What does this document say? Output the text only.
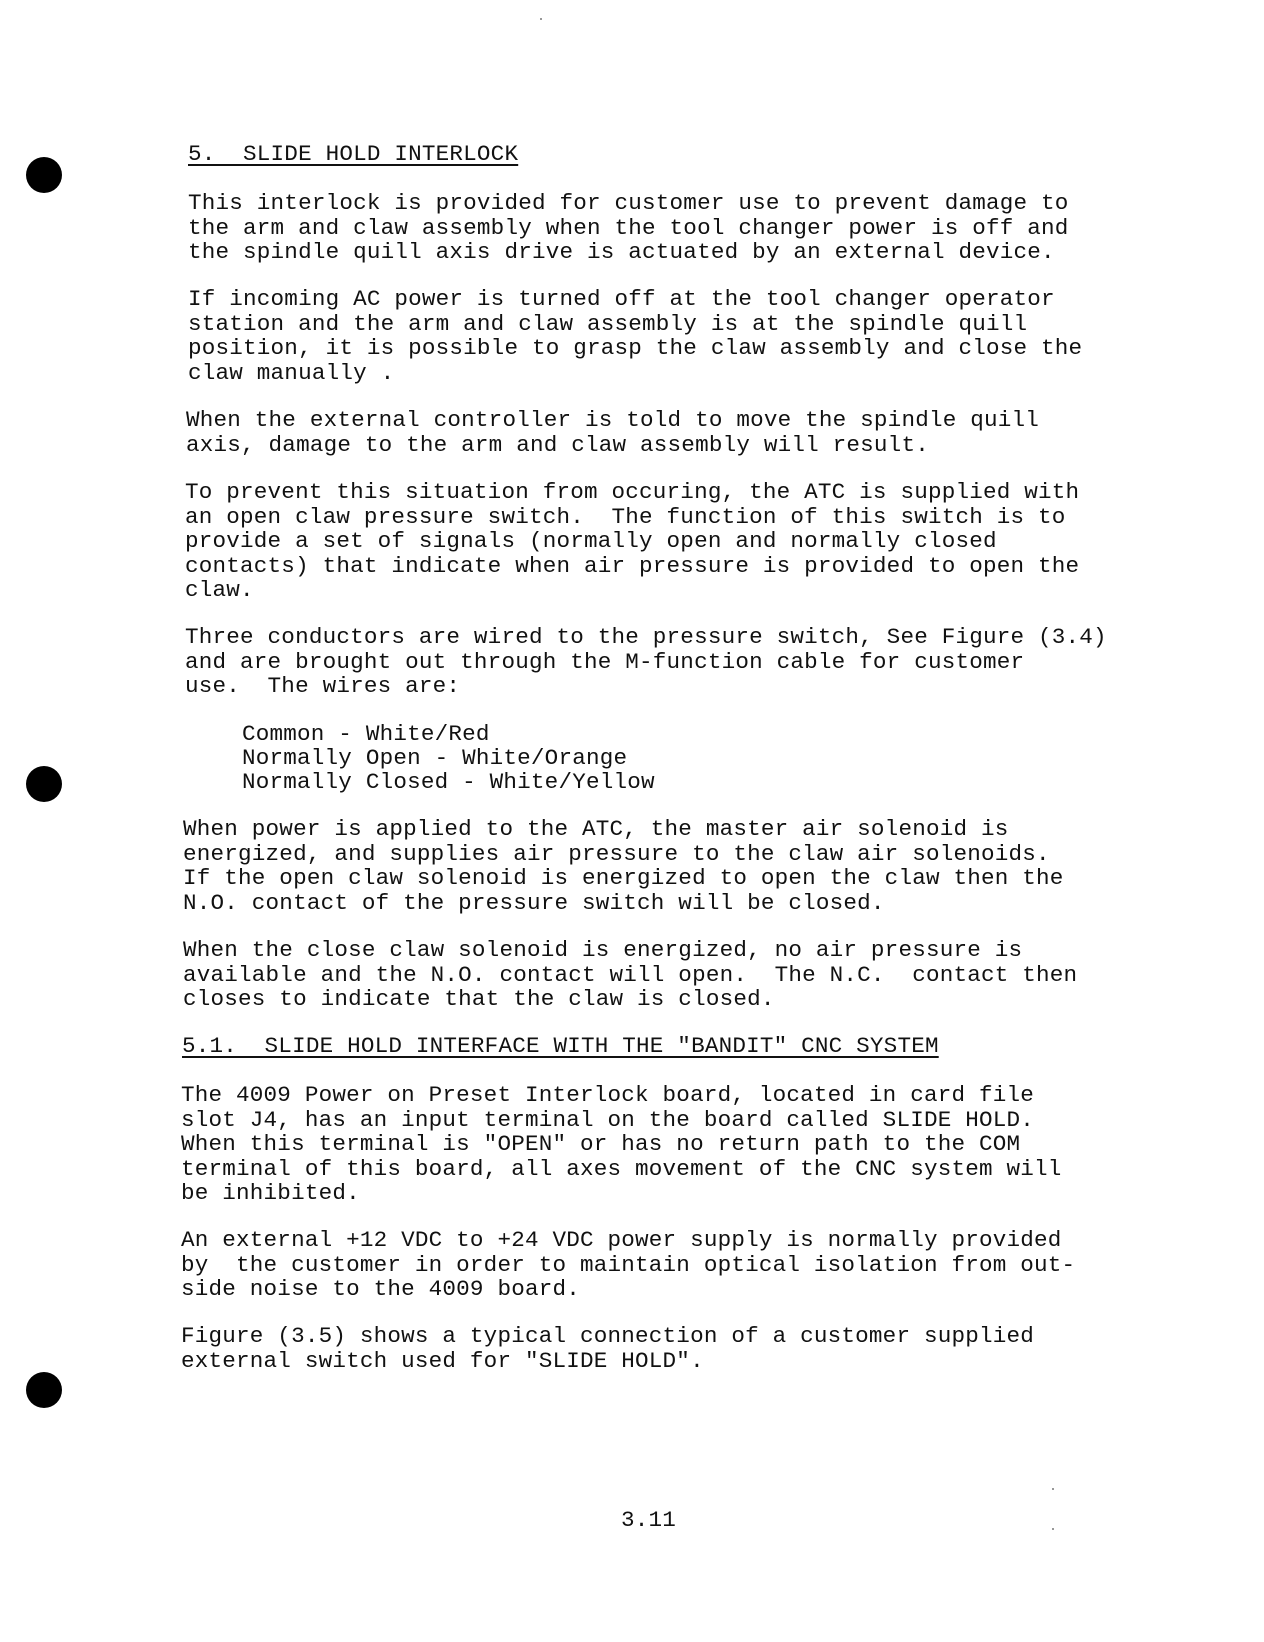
5.  SLIDE HOLD INTERLOCK
This interlock is provided for customer use to prevent damage to
the arm and claw assembly when the tool changer power is off and
the spindle quill axis drive is actuated by an external device.
If incoming AC power is turned off at the tool changer operator
station and the arm and claw assembly is at the spindle quill
position, it is possible to grasp the claw assembly and close the
claw manually .
When the external controller is told to move the spindle quill
axis, damage to the arm and claw assembly will result.
To prevent this situation from occuring, the ATC is supplied with
an open claw pressure switch.  The function of this switch is to
provide a set of signals (normally open and normally closed
contacts) that indicate when air pressure is provided to open the
claw.
Three conductors are wired to the pressure switch, See Figure (3.4)
and are brought out through the M-function cable for customer
use.  The wires are:
Common - White/Red
Normally Open - White/Orange
Normally Closed - White/Yellow
When power is applied to the ATC, the master air solenoid is
energized, and supplies air pressure to the claw air solenoids.
If the open claw solenoid is energized to open the claw then the
N.O. contact of the pressure switch will be closed.
When the close claw solenoid is energized, no air pressure is
available and the N.O. contact will open.  The N.C.  contact then
closes to indicate that the claw is closed.
5.1.  SLIDE HOLD INTERFACE WITH THE "BANDIT" CNC SYSTEM
The 4009 Power on Preset Interlock board, located in card file
slot J4, has an input terminal on the board called SLIDE HOLD.
When this terminal is "OPEN" or has no return path to the COM
terminal of this board, all axes movement of the CNC system will
be inhibited.
An external +12 VDC to +24 VDC power supply is normally provided
by  the customer in order to maintain optical isolation from out-
side noise to the 4009 board.
Figure (3.5) shows a typical connection of a customer supplied
external switch used for "SLIDE HOLD".
3.11
